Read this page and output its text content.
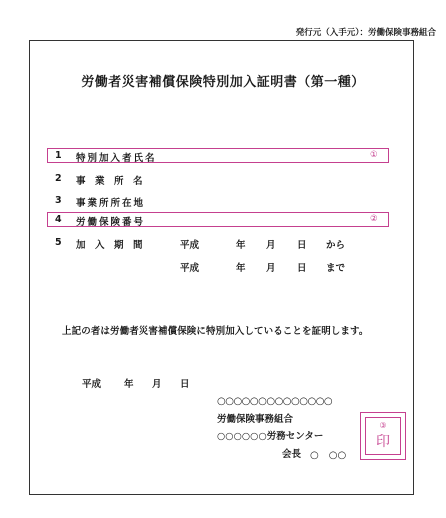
発行元（入手元）：労働保険事務組合
労働者災害補償保険特別加入証明書（第一種）
1 特別加入者氏名	①
2 事　業　所　名
3 事業所所在地
4 労働保険番号	②
5 加　入　期　間	平成	年 月 日 から
平成	年 月 日 まで
上記の者は労働者災害補償保険に特別加入していることを証明します。
平成 年 月 日
○○○○○○○○○○○○○○
労働保険事務組合
○○○○○○労務センター
会長 ○　○○
③
印
